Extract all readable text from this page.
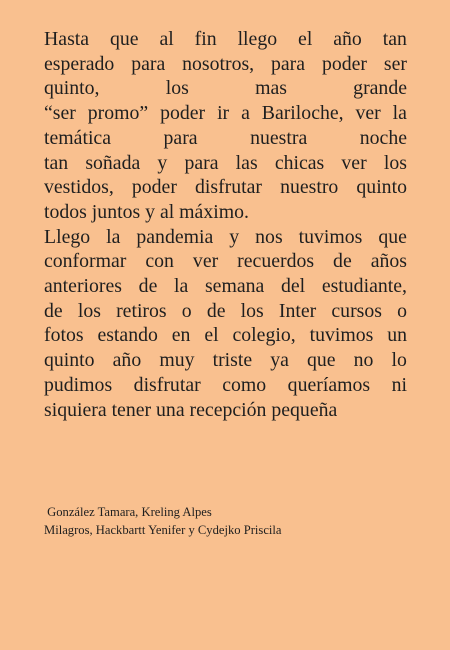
Hasta que al fin llego el año tan
esperado para nosotros, para poder ser
quinto,	los	mas	grande
“ser promo” poder ir a Bariloche, ver la
temática	para	nuestra	noche
tan soñada y para las chicas ver los
vestidos, poder disfrutar nuestro quinto
todos juntos y al máximo.
Llego la pandemia y nos tuvimos que
conformar con ver recuerdos de años
anteriores de la semana del estudiante,
de los retiros o de los Inter cursos o
fotos estando en el colegio, tuvimos un
quinto año muy triste ya que no lo
pudimos disfrutar como queríamos ni
siquiera tener una recepción pequeña
González Tamara, Kreling Alpes
Milagros, Hackbartt Yenifer y Cydejko Priscila
